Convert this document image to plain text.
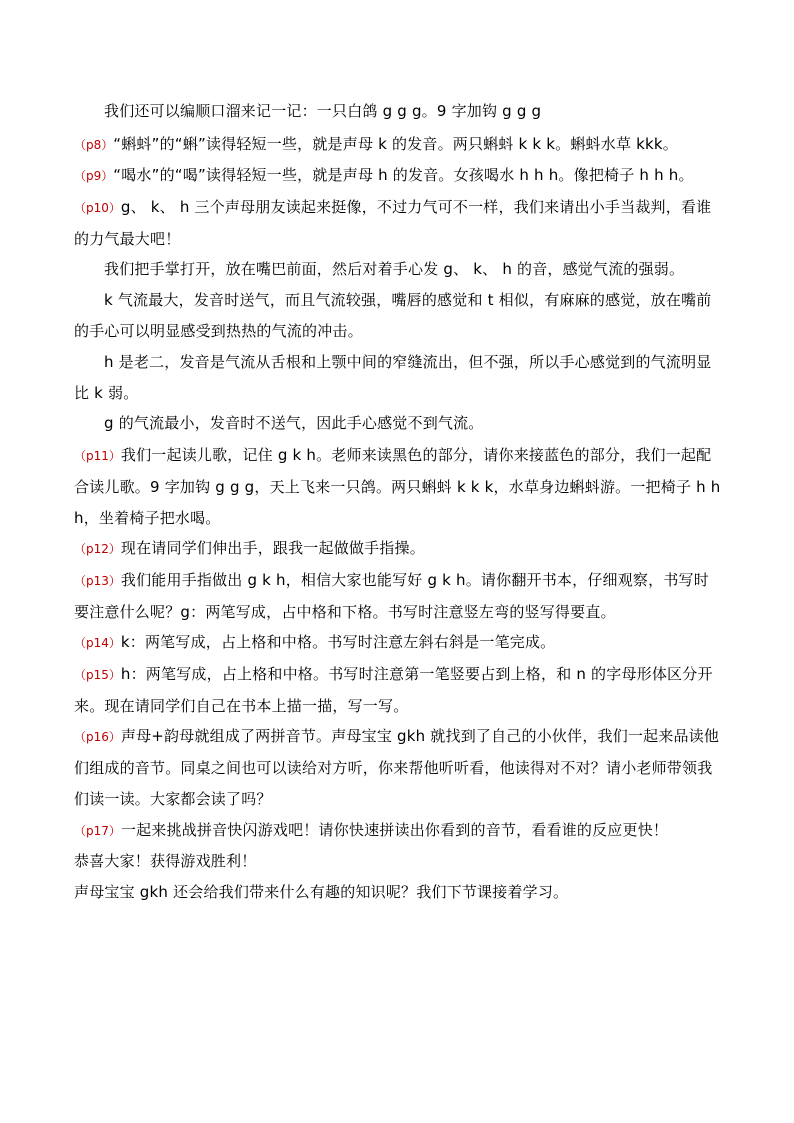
我们还可以编顺口溜来记一记：一只白鸽 g g g。9 字加钩 g g g

（p8）“蝌蚪”的“蝌”读得轻短一些，就是声母 k 的发音。两只蝌蚪 k k k。蝌蚪水草 kkk。

（p9）“喝水”的“喝”读得轻短一些，就是声母 h 的发音。女孩喝水 h h h。像把椅子 h h h。

（p10）g、 k、 h 三个声母朋友读起来挺像，不过力气可不一样，我们来请出小手当裁判，看谁的力气最大吧！

我们把手掌打开，放在嘴巴前面，然后对着手心发 g、 k、 h 的音，感觉气流的强弱。

k 气流最大，发音时送气，而且气流较强，嘴唇的感觉和 t 相似，有麻麻的感觉，放在嘴前的手心可以明显感受到热热的气流的冲击。

h 是老二，发音是气流从舌根和上颚中间的窄缝流出，但不强，所以手心感觉到的气流明显比 k 弱。

g 的气流最小，发音时不送气，因此手心感觉不到气流。

（p11）我们一起读儿歌，记住 g k h。老师来读黑色的部分，请你来接蓝色的部分，我们一起配合读儿歌。9 字加钩 g g g，天上飞来一只鸽。两只蝌蚪 k k k，水草身边蝌蚪游。一把椅子 h h h，坐着椅子把水喝。

（p12）现在请同学们伸出手，跟我一起做做手指操。

（p13）我们能用手指做出 g k h，相信大家也能写好 g k h。请你翻开书本，仔细观察，书写时要注意什么呢？g：两笔写成，占中格和下格。书写时注意竖左弯的竖写得要直。

（p14）k：两笔写成，占上格和中格。书写时注意左斜右斜是一笔完成。

（p15）h：两笔写成，占上格和中格。书写时注意第一笔竖要占到上格，和 n 的字母形体区分开来。现在请同学们自己在书本上描一描，写一写。

（p16）声母+韵母就组成了两拼音节。声母宝宝 gkh 就找到了自己的小伙伴，我们一起来品读他们组成的音节。同桌之间也可以读给对方听，你来帮他听听看，他读得对不对？请小老师带领我们读一读。大家都会读了吗？

（p17）一起来挑战拼音快闪游戏吧！请你快速拼读出你看到的音节，看看谁的反应更快！

恭喜大家！获得游戏胜利！

声母宝宝 gkh 还会给我们带来什么有趣的知识呢？我们下节课接着学习。
